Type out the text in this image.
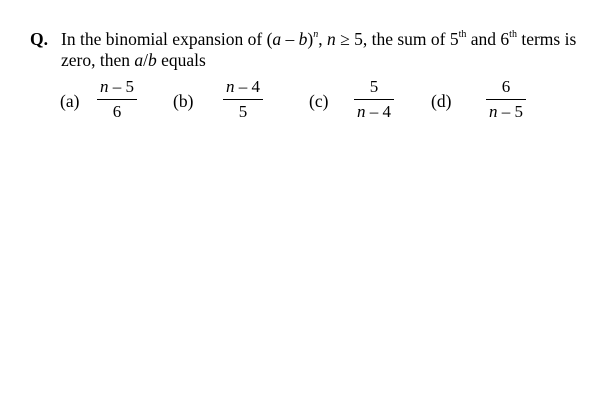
Q. In the binomial expansion of (a – b)$^n$, n ≥ 5, the sum of 5th and 6th terms is zero, then a/b equals
(a)
n – 5
6
(b)
n – 4
5
(c)
5
n – 4
(d)
6
n – 5
